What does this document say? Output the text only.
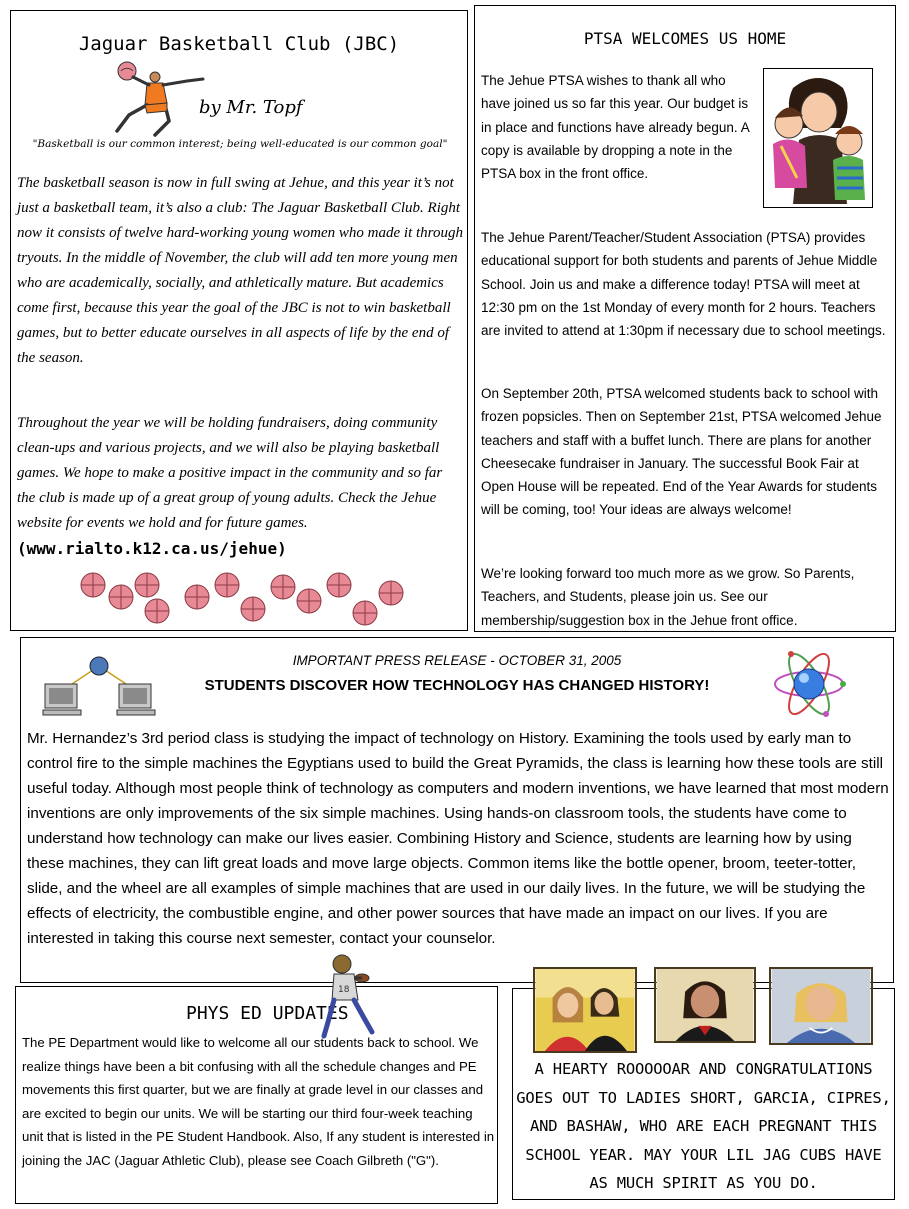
Jaguar Basketball Club (JBC)
by Mr. Topf
"Basketball is our common interest; being well-educated is our common goal"

The basketball season is now in full swing at Jehue, and this year it’s not just a basketball team, it’s also a club: The Jaguar Basketball Club. Right now it consists of twelve hard-working young women who made it through tryouts. In the middle of November, the club will add ten more young men who are academically, socially, and athletically mature. But academics come first, because this year the goal of the JBC is not to win basketball games, but to better educate ourselves in all aspects of life by the end of the season.

Throughout the year we will be holding fundraisers, doing community clean-ups and various projects, and we will also be playing basketball games. We hope to make a positive impact in the community and so far the club is made up of a great group of young adults. Check the Jehue website for events we hold and for future games. (www.rialto.k12.ca.us/jehue)

PTSA WELCOMES US HOME

The Jehue PTSA wishes to thank all who have joined us so far this year. Our budget is in place and functions have already begun. A copy is available by dropping a note in the PTSA box in the front office.

The Jehue Parent/Teacher/Student Association (PTSA) provides educational support for both students and parents of Jehue Middle School. Join us and make a difference today! PTSA will meet at 12:30 pm on the 1st Monday of every month for 2 hours. Teachers are invited to attend at 1:30pm if necessary due to school meetings.

On September 20th, PTSA welcomed students back to school with frozen popsicles. Then on September 21st, PTSA welcomed Jehue teachers and staff with a buffet lunch. There are plans for another Cheesecake fundraiser in January. The successful Book Fair at Open House will be repeated. End of the Year Awards for students will be coming, too! Your ideas are always welcome!

We’re looking forward too much more as we grow. So Parents, Teachers, and Students, please join us. See our membership/suggestion box in the Jehue front office.

IMPORTANT PRESS RELEASE - OCTOBER 31, 2005
STUDENTS DISCOVER HOW TECHNOLOGY HAS CHANGED HISTORY!

Mr. Hernandez’s 3rd period class is studying the impact of technology on History. Examining the tools used by early man to control fire to the simple machines the Egyptians used to build the Great Pyramids, the class is learning how these tools are still useful today. Although most people think of technology as computers and modern inventions, we have learned that most modern inventions are only improvements of the six simple machines. Using hands-on classroom tools, the students have come to understand how technology can make our lives easier. Combining History and Science, students are learning how by using these machines, they can lift great loads and move large objects. Common items like the bottle opener, broom, teeter-totter, slide, and the wheel are all examples of simple machines that are used in our daily lives. In the future, we will be studying the effects of electricity, the combustible engine, and other power sources that have made an impact on our lives. If you are interested in taking this course next semester, contact your counselor.

PHYS ED UPDATES

The PE Department would like to welcome all our students back to school. We realize things have been a bit confusing with all the schedule changes and PE movements this first quarter, but we are finally at grade level in our classes and are excited to begin our units. We will be starting our third four-week teaching unit that is listed in the PE Student Handbook. Also, If any student is interested in joining the JAC (Jaguar Athletic Club), please see Coach Gilbreth ("G").

18
A HEARTY ROOOOOAR AND CONGRATULATIONS GOES OUT TO LADIES SHORT, GARCIA, CIPRES, AND BASHAW, WHO ARE EACH PREGNANT THIS SCHOOL YEAR. MAY YOUR LIL JAG CUBS HAVE AS MUCH SPIRIT AS YOU DO.
